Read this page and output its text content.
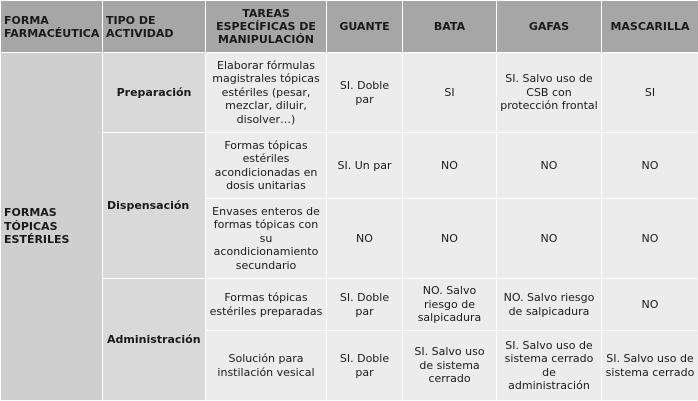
FORMA FARMACÉUTICA	TIPO DE ACTIVIDAD	TAREAS ESPECÍFICAS DE MANIPULACIÓN	GUANTE	BATA	GAFAS	MASCARILLA
FORMAS TÓPICAS ESTÉRILES	Preparación	Elaborar fórmulas magistrales tópicas estériles (pesar, mezclar, diluir, disolver…)	SI. Doble par	SI	SI. Salvo uso de CSB con protección frontal	SI
	Dispensación	Formas tópicas estériles acondicionadas en dosis unitarias	SI. Un par	NO	NO	NO
		Envases enteros de formas tópicas con su acondicionamiento secundario	NO	NO	NO	NO
	Administración	Formas tópicas estériles preparadas	SI. Doble par	NO. Salvo riesgo de salpicadura	NO. Salvo riesgo de salpicadura	NO
		Solución para instilación vesical	SI. Doble par	SI. Salvo uso de sistema cerrado	SI. Salvo uso de sistema cerrado de administración	SI. Salvo uso de sistema cerrado
